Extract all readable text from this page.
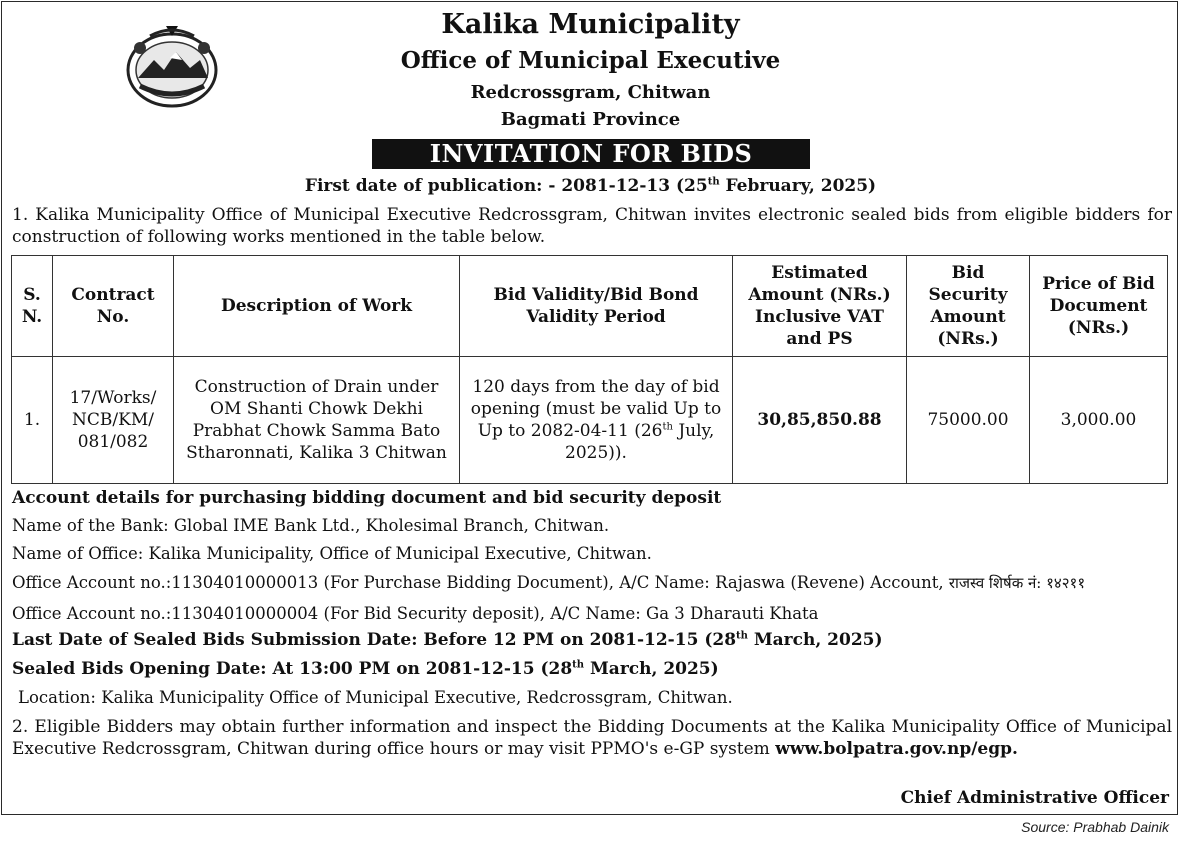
Kalika Municipality
Office of Municipal Executive
Redcrossgram, Chitwan
Bagmati Province
INVITATION FOR BIDS
First date of publication: - 2081-12-13 (25th February, 2025)
1. Kalika Municipality Office of Municipal Executive Redcrossgram, Chitwan invites electronic sealed bids from eligible bidders for construction of following works mentioned in the table below.
S. N.	Contract No.	Description of Work	Bid Validity/Bid Bond Validity Period	Estimated Amount (NRs.) Inclusive VAT and PS	Bid Security Amount (NRs.)	Price of Bid Document (NRs.)
1.	17/Works/ NCB/KM/ 081/082	Construction of Drain under OM Shanti Chowk Dekhi Prabhat Chowk Samma Bato Stharonnati, Kalika 3 Chitwan	120 days from the day of bid opening (must be valid Up to Up to 2082-04-11 (26th July, 2025)).	30,85,850.88	75000.00	3,000.00
Account details for purchasing bidding document and bid security deposit
Name of the Bank: Global IME Bank Ltd., Kholesimal Branch, Chitwan.
Name of Office: Kalika Municipality, Office of Municipal Executive, Chitwan.
Office Account no.:11304010000013 (For Purchase Bidding Document), A/C Name: Rajaswa (Revene) Account, राजस्व शिर्षक नं: १४२११
Office Account no.:11304010000004 (For Bid Security deposit), A/C Name: Ga 3 Dharauti Khata
Last Date of Sealed Bids Submission Date: Before 12 PM on 2081-12-15 (28th March, 2025)
Sealed Bids Opening Date: At 13:00 PM on 2081-12-15 (28th March, 2025)
Location: Kalika Municipality Office of Municipal Executive, Redcrossgram, Chitwan.
2. Eligible Bidders may obtain further information and inspect the Bidding Documents at the Kalika Municipality Office of Municipal Executive Redcrossgram, Chitwan during office hours or may visit PPMO's e-GP system www.bolpatra.gov.np/egp.
Chief Administrative Officer
Source: Prabhab Dainik
